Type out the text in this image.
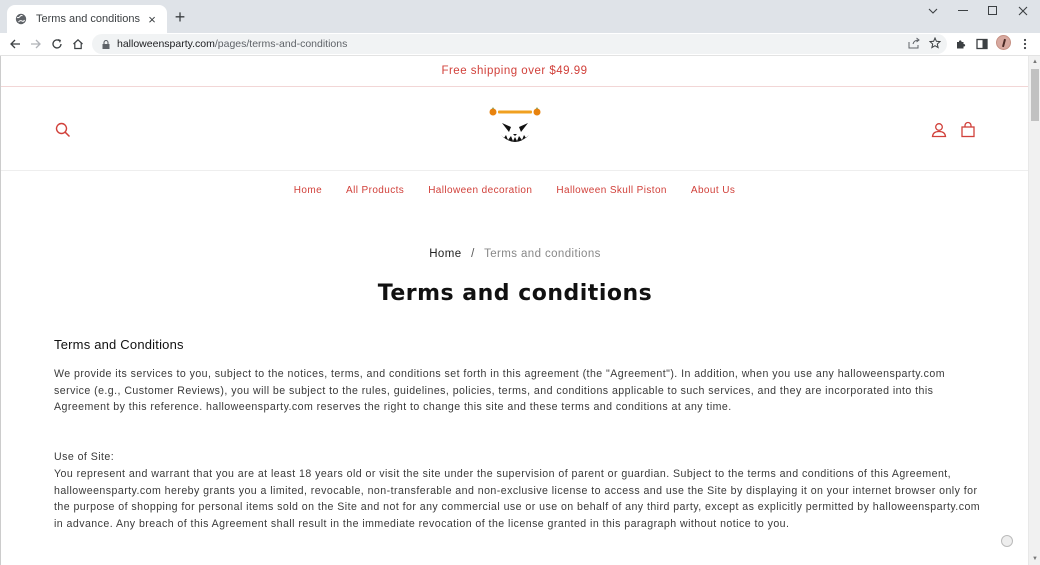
Terms and conditions × +
halloweensparty.com /pages/terms-and-conditions
Free shipping over $49.99
Home All Products Halloween decoration Halloween Skull Piston About Us
Home / Terms and conditions
Terms and conditions
Terms and Conditions

We provide its services to you, subject to the notices, terms, and conditions set forth in this agreement (the "Agreement"). In addition, when you use any halloweensparty.com service (e.g., Customer Reviews), you will be subject to the rules, guidelines, policies, terms, and conditions applicable to such services, and they are incorporated into this Agreement by this reference. halloweensparty.com reserves the right to change this site and these terms and conditions at any time.

Use of Site:

You represent and warrant that you are at least 18 years old or visit the site under the supervision of parent or guardian. Subject to the terms and conditions of this Agreement, halloweensparty.com hereby grants you a limited, revocable, non-transferable and non-exclusive license to access and use the Site by displaying it on your internet browser only for the purpose of shopping for personal items sold on the Site and not for any commercial use or use on behalf of any third party, except as explicitly permitted by halloweensparty.com in advance. Any breach of this Agreement shall result in the immediate revocation of the license granted in this paragraph without notice to you.

▲
▼
